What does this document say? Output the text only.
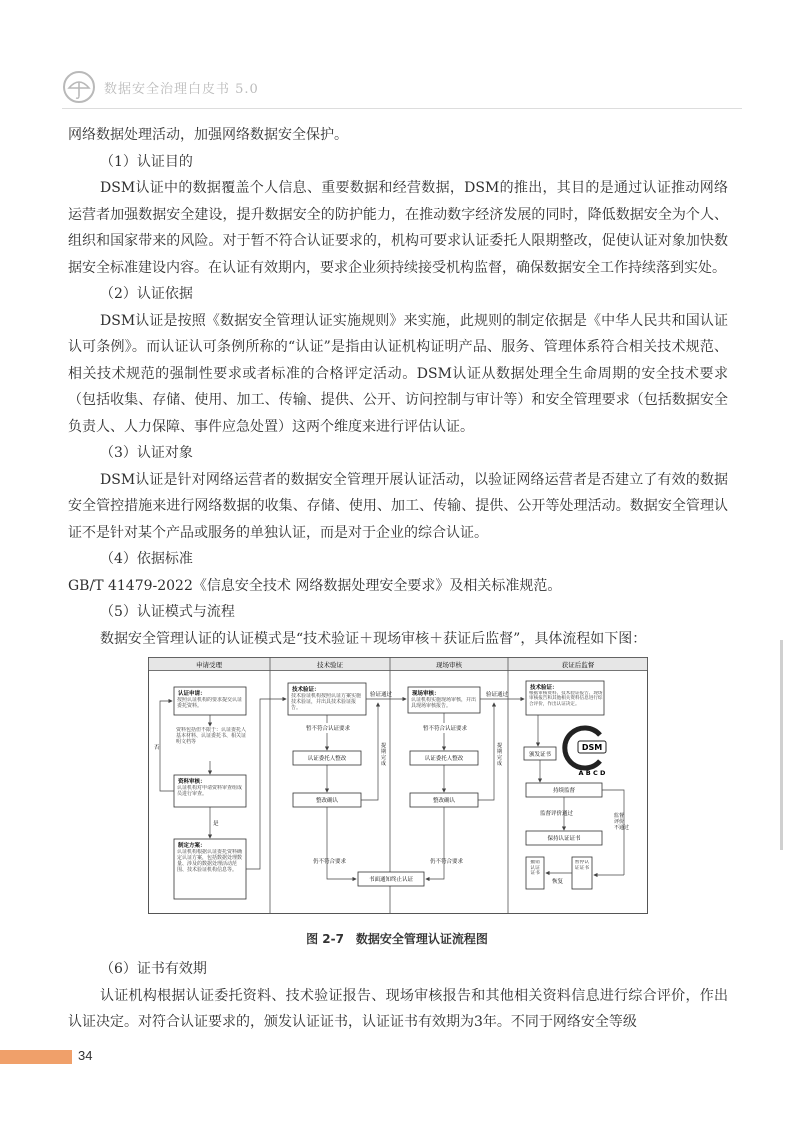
数据安全治理白皮书 5.0

网络数据处理活动，加强网络数据安全保护。

（1）认证目的

DSM认证中的数据覆盖个人信息、重要数据和经营数据，DSM的推出，其目的是通过认证推动网络运营者加强数据安全建设，提升数据安全的防护能力，在推动数字经济发展的同时，降低数据安全为个人、组织和国家带来的风险。对于暂不符合认证要求的，机构可要求认证委托人限期整改，促使认证对象加快数据安全标准建设内容。在认证有效期内，要求企业须持续接受机构监督，确保数据安全工作持续落到实处。

（2）认证依据

DSM认证是按照《数据安全管理认证实施规则》来实施，此规则的制定依据是《中华人民共和国认证认可条例》。而认证认可条例所称的“认证”是指由认证机构证明产品、服务、管理体系符合相关技术规范、相关技术规范的强制性要求或者标准的合格评定活动。DSM认证从数据处理全生命周期的安全技术要求（包括收集、存储、使用、加工、传输、提供、公开、访问控制与审计等）和安全管理要求（包括数据安全负责人、人力保障、事件应急处置）这两个维度来进行评估认证。

（3）认证对象

DSM认证是针对网络运营者的数据安全管理开展认证活动，以验证网络运营者是否建立了有效的数据安全管控措施来进行网络数据的收集、存储、使用、加工、传输、提供、公开等处理活动。数据安全管理认证不是针对某个产品或服务的单独认证，而是对于企业的综合认证。

（4）依据标准

GB/T 41479-2022《信息安全技术 网络数据处理安全要求》及相关标准规范。

（5）认证模式与流程

数据安全管理认证的认证模式是“技术验证＋现场审核＋获证后监督”，具体流程如下图：

申请受理	技术验证	现场审核	获证后监督
认证申请：
按照认证机构的要求提交认证委托资料。
资料包括但不限于：认证委托人基本材料、认证委托书、相关证明文档等
资料审核：
认证机构对申请资料审查组成员进行审查。
是
否
制定方案：
认证机构根据认证委托资料确定认证方案，包括数据处理数量、涉及的数据处理活动范围、技术验证机构信息等。
技术验证：
技术验证机构按照认证方案实施技术验证，并出具技术验证报告。
验证通过
暂不符合认证要求
认证委托人整改
整改确认
提期完成
仍不符合要求
现场审核：
认证机构实施现场审核，并出具现场审核报告。
验证通过
暂不符合认证要求
认证委托人整改
整改确认
提期完成
仍不符合要求
书面通知终止认证
技术验证：
根据审核资料、技术验证报告、现场审核报告和其他相关资料信息进行综合评价，作出认证决定。
颁发证书
DSM
A B C D
持续监督
监督评价通过
保持认证证书
监督评价不通过
撤销认证证书
暂停认证证书
恢复
图 2-7　数据安全管理认证流程图

（6）证书有效期

认证机构根据认证委托资料、技术验证报告、现场审核报告和其他相关资料信息进行综合评价，作出认证决定。对符合认证要求的，颁发认证证书，认证证书有效期为3年。不同于网络安全等级

34
